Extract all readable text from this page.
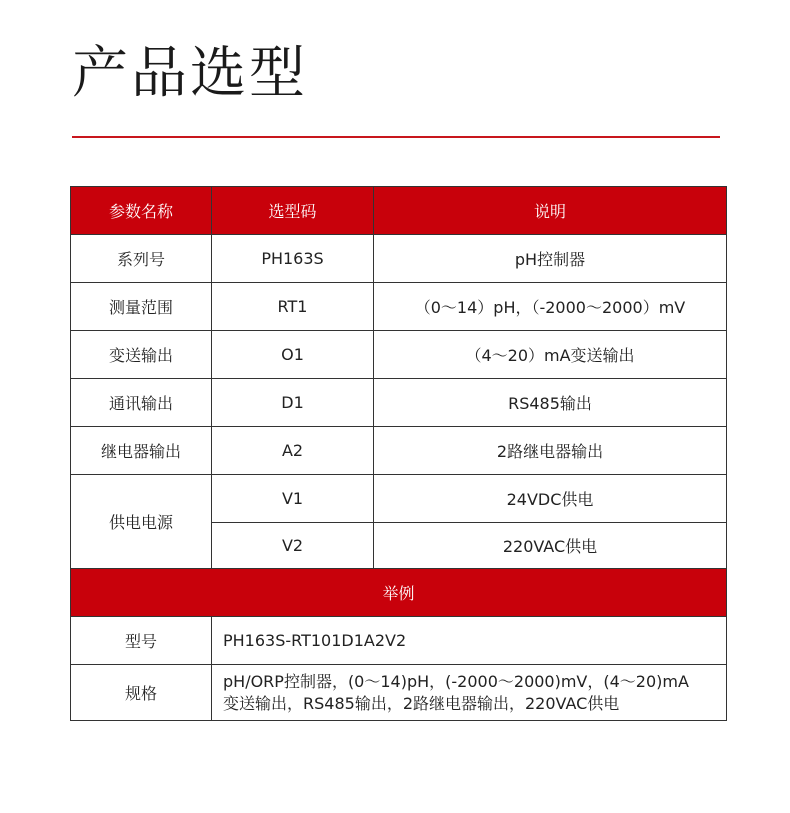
产品选型
参数名称	选型码	说明
系列号	PH163S	pH控制器
测量范围	RT1	（0～14）pH，（-2000～2000）mV
变送输出	O1	（4～20）mA变送输出
通讯输出	D1	RS485输出
继电器输出	A2	2路继电器输出
供电电源	V1	24VDC供电
	V2	220VAC供电
举例		
型号	PH163S-RT101D1A2V2	
规格	pH/ORP控制器，(0～14)pH，(-2000～2000)mV，(4～20)mA
变送输出，RS485输出，2路继电器输出，220VAC供电	
